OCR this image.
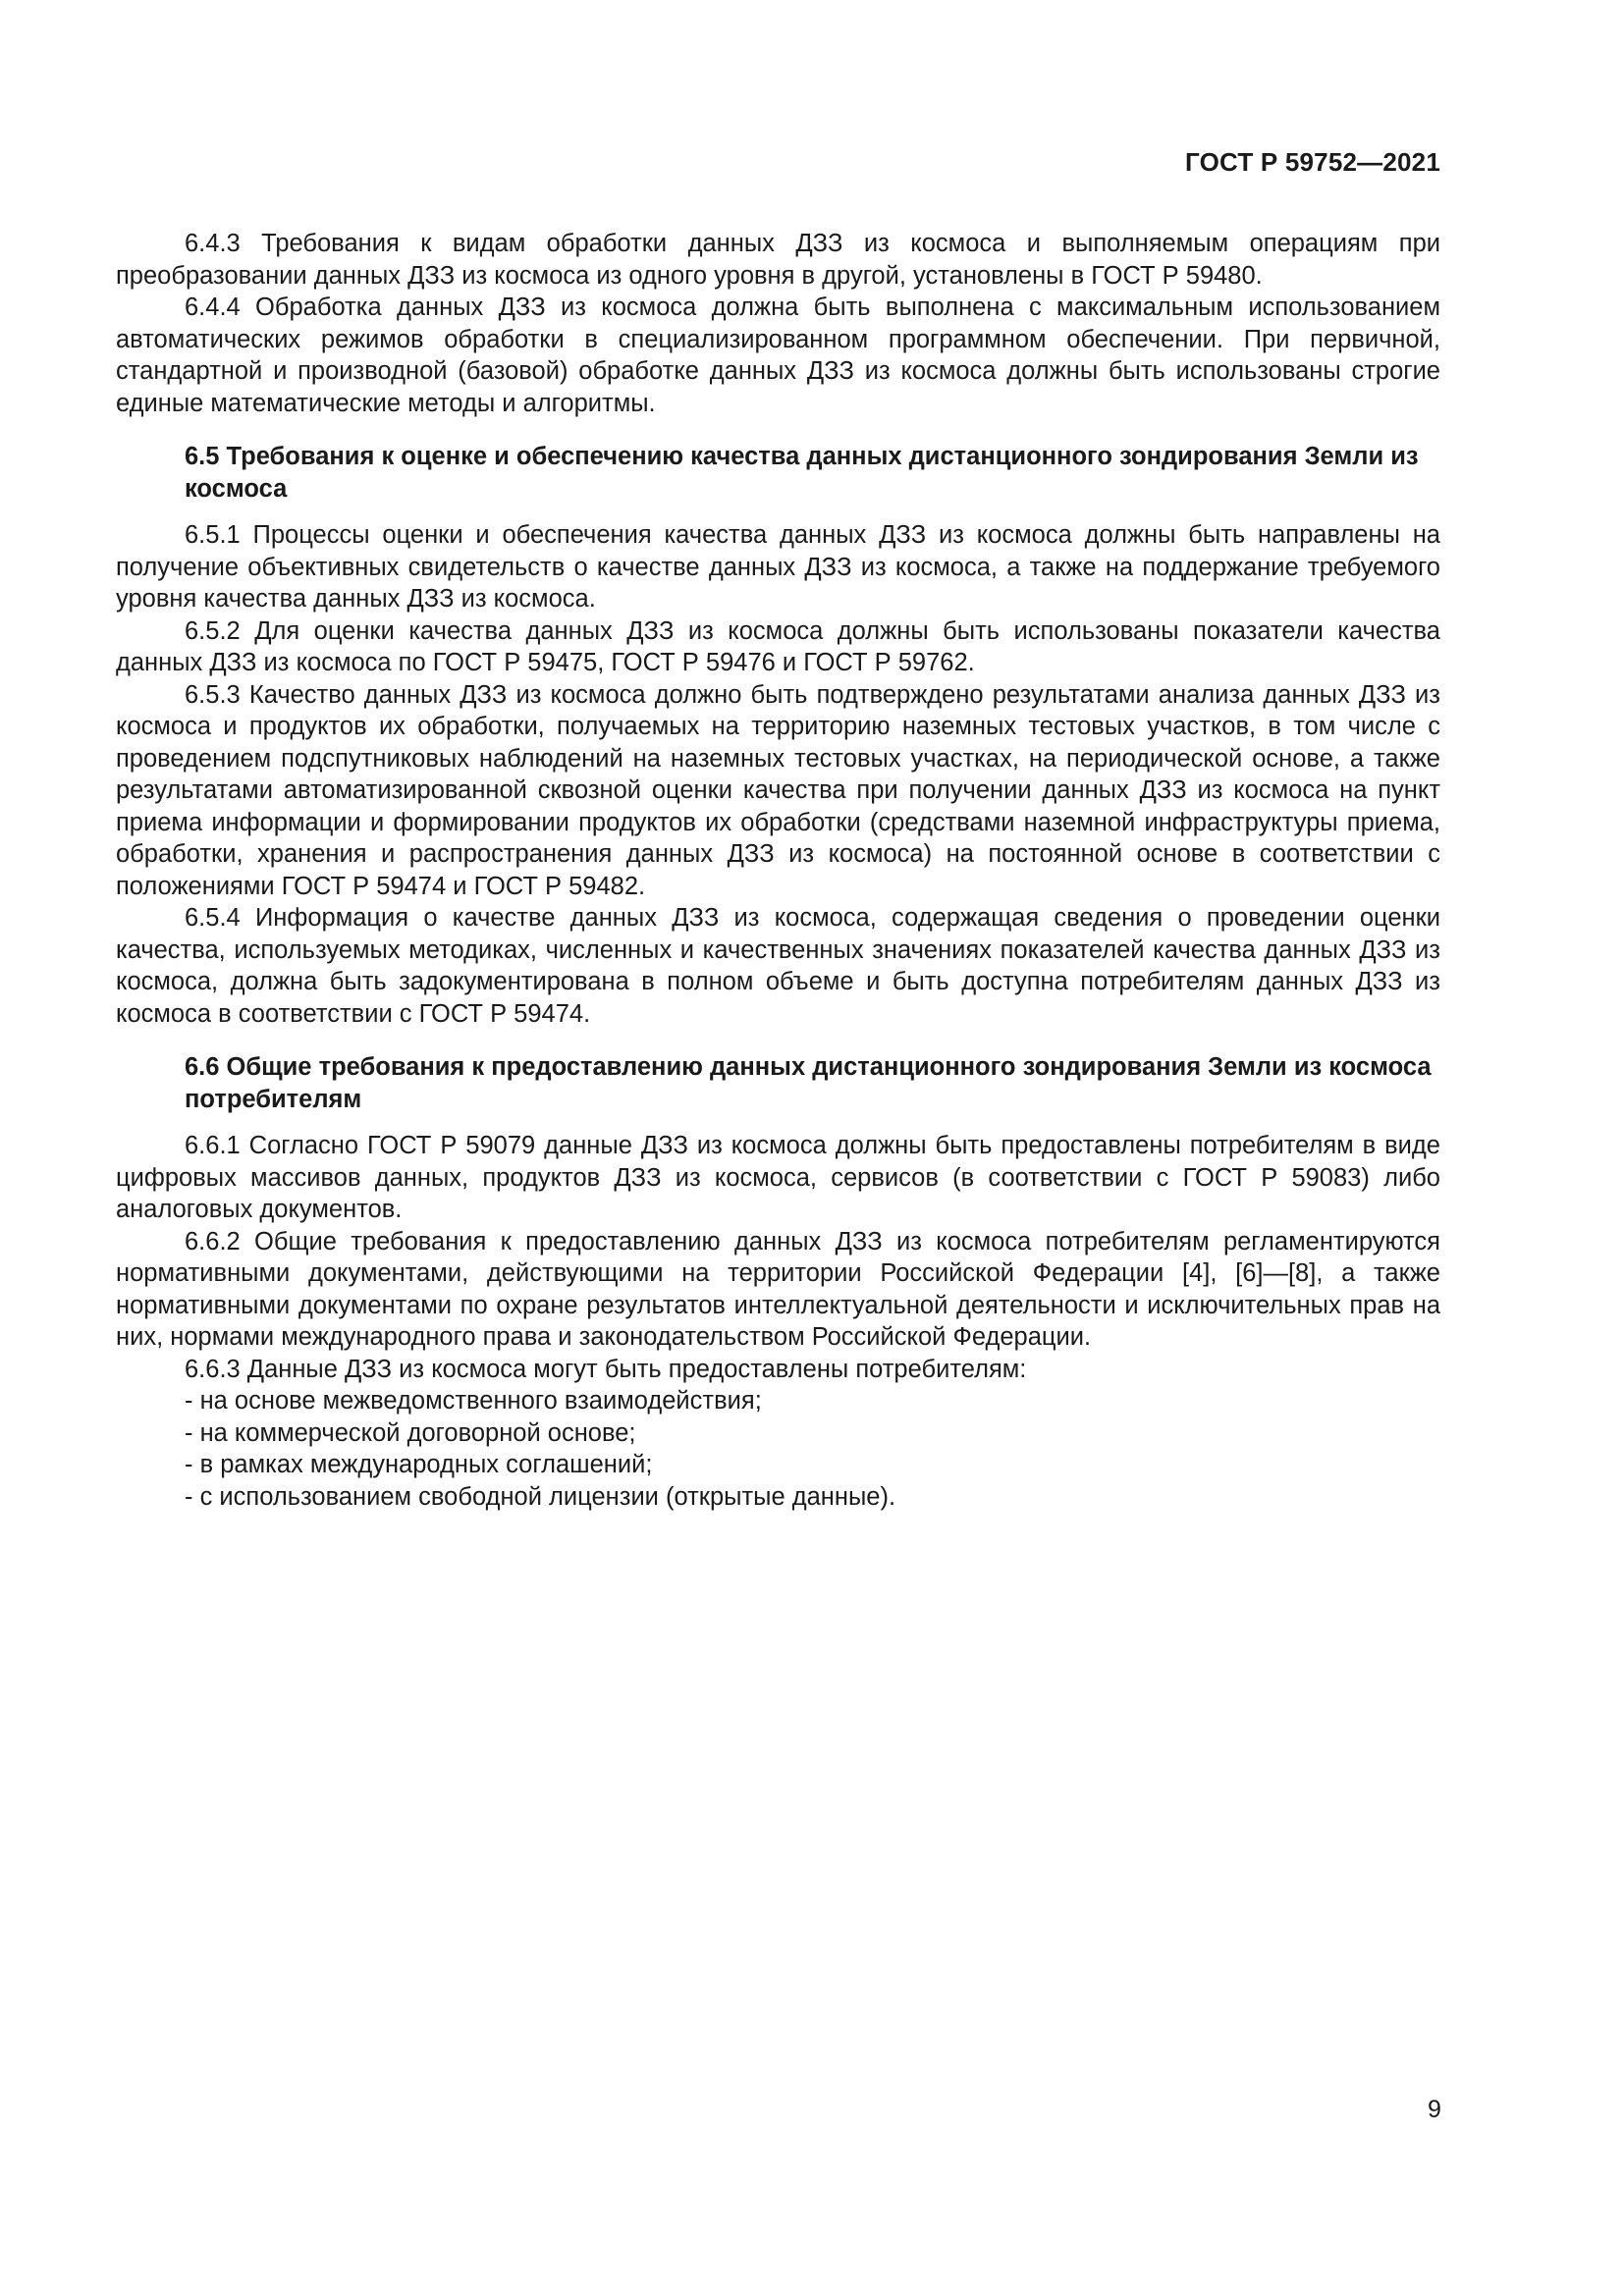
ГОСТ Р 59752—2021

6.4.3 Требования к видам обработки данных ДЗЗ из космоса и выполняемым операциям при преобразовании данных ДЗЗ из космоса из одного уровня в другой, установлены в ГОСТ Р 59480.

6.4.4 Обработка данных ДЗЗ из космоса должна быть выполнена с максимальным использованием автоматических режимов обработки в специализированном программном обеспечении. При первичной, стандартной и производной (базовой) обработке данных ДЗЗ из космоса должны быть использованы строгие единые математические методы и алгоритмы.

6.5 Требования к оценке и обеспечению качества данных дистанционного зондирования Земли из космоса

6.5.1 Процессы оценки и обеспечения качества данных ДЗЗ из космоса должны быть направлены на получение объективных свидетельств о качестве данных ДЗЗ из космоса, а также на поддержание требуемого уровня качества данных ДЗЗ из космоса.

6.5.2 Для оценки качества данных ДЗЗ из космоса должны быть использованы показатели качества данных ДЗЗ из космоса по ГОСТ Р 59475, ГОСТ Р 59476 и ГОСТ Р 59762.

6.5.3 Качество данных ДЗЗ из космоса должно быть подтверждено результатами анализа данных ДЗЗ из космоса и продуктов их обработки, получаемых на территорию наземных тестовых участков, в том числе с проведением подспутниковых наблюдений на наземных тестовых участках, на периодической основе, а также результатами автоматизированной сквозной оценки качества при получении данных ДЗЗ из космоса на пункт приема информации и формировании продуктов их обработки (средствами наземной инфраструктуры приема, обработки, хранения и распространения данных ДЗЗ из космоса) на постоянной основе в соответствии с положениями ГОСТ Р 59474 и ГОСТ Р 59482.

6.5.4 Информация о качестве данных ДЗЗ из космоса, содержащая сведения о проведении оценки качества, используемых методиках, численных и качественных значениях показателей качества данных ДЗЗ из космоса, должна быть задокументирована в полном объеме и быть доступна потребителям данных ДЗЗ из космоса в соответствии с ГОСТ Р 59474.

6.6 Общие требования к предоставлению данных дистанционного зондирования Земли из космоса потребителям

6.6.1 Согласно ГОСТ Р 59079 данные ДЗЗ из космоса должны быть предоставлены потребителям в виде цифровых массивов данных, продуктов ДЗЗ из космоса, сервисов (в соответствии с ГОСТ Р 59083) либо аналоговых документов.

6.6.2 Общие требования к предоставлению данных ДЗЗ из космоса потребителям регламентируются нормативными документами, действующими на территории Российской Федерации [4], [6]—[8], а также нормативными документами по охране результатов интеллектуальной деятельности и исключительных прав на них, нормами международного права и законодательством Российской Федерации.

6.6.3 Данные ДЗЗ из космоса могут быть предоставлены потребителям:

- на основе межведомственного взаимодействия;
- на коммерческой договорной основе;
- в рамках международных соглашений;
- с использованием свободной лицензии (открытые данные).
9
